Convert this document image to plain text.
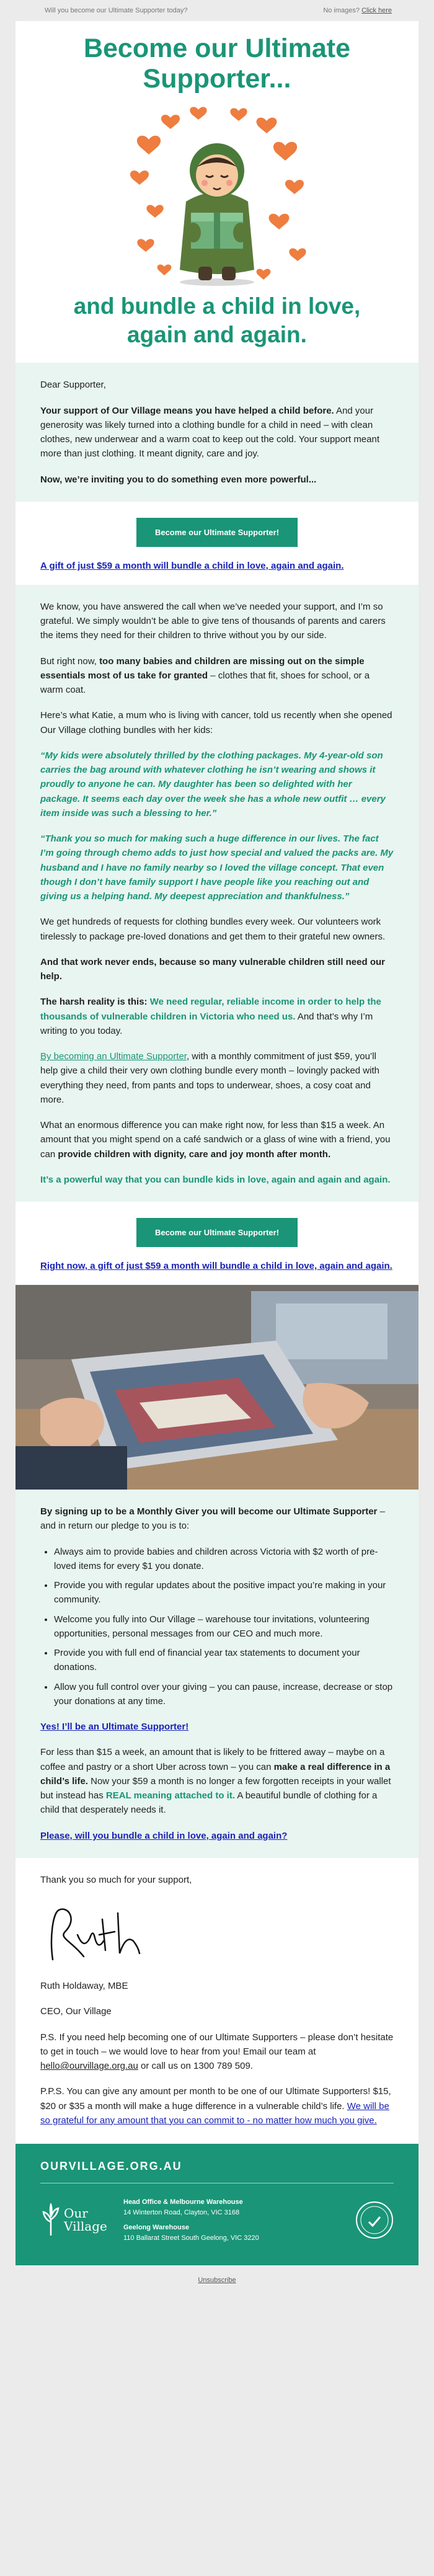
Will you become our Ultimate Supporter today?	No images? Click here
Become our Ultimate Supporter...
and bundle a child in love,
again and again.

Dear Supporter,

Your support of Our Village means you have helped a child before. And your generosity was likely turned into a clothing bundle for a child in need – with clean clothes, new underwear and a warm coat to keep out the cold. Your support meant more than just clothing. It meant dignity, care and joy.

Now, we’re inviting you to do something even more powerful...

Become our Ultimate Supporter!
A gift of just $59 a month will bundle a child in love, again and again.

We know, you have answered the call when we’ve needed your support, and I’m so grateful. We simply wouldn’t be able to give tens of thousands of parents and carers the items they need for their children to thrive without you by our side.

But right now, too many babies and children are missing out on the simple essentials most of us take for granted – clothes that fit, shoes for school, or a warm coat.

Here’s what Katie, a mum who is living with cancer, told us recently when she opened Our Village clothing bundles with her kids:

“My kids were absolutely thrilled by the clothing packages. My 4-year-old son carries the bag around with whatever clothing he isn’t wearing and shows it proudly to anyone he can. My daughter has been so delighted with her package. It seems each day over the week she has a whole new outfit … every item inside was such a blessing to her.”

“Thank you so much for making such a huge difference in our lives. The fact I’m going through chemo adds to just how special and valued the packs are. My husband and I have no family nearby so I loved the village concept. That even though I don’t have family support I have people like you reaching out and giving us a helping hand. My deepest appreciation and thankfulness.”

We get hundreds of requests for clothing bundles every week. Our volunteers work tirelessly to package pre-loved donations and get them to their grateful new owners.

And that work never ends, because so many vulnerable children still need our help.

The harsh reality is this: We need regular, reliable income in order to help the thousands of vulnerable children in Victoria who need us. And that’s why I’m writing to you today.

By becoming an Ultimate Supporter, with a monthly commitment of just $59, you’ll help give a child their very own clothing bundle every month – lovingly packed with everything they need, from pants and tops to underwear, shoes, a cosy coat and more.

What an enormous difference you can make right now, for less than $15 a week. An amount that you might spend on a café sandwich or a glass of wine with a friend, you can provide children with dignity, care and joy month after month.

It’s a powerful way that you can bundle kids in love, again and again and again.

Become our Ultimate Supporter!
Right now, a gift of just $59 a month will bundle a child in love, again and again.

By signing up to be a Monthly Giver you will become our Ultimate Supporter – and in return our pledge to you is to:

• Always aim to provide babies and children across Victoria with $2 worth of pre-loved items for every $1 you donate.
• Provide you with regular updates about the positive impact you’re making in your community.
• Welcome you fully into Our Village – warehouse tour invitations, volunteering opportunities, personal messages from our CEO and much more.
• Provide you with full end of financial year tax statements to document your donations.
• Allow you full control over your giving – you can pause, increase, decrease or stop your donations at any time.

Yes! I’ll be an Ultimate Supporter!

For less than $15 a week, an amount that is likely to be frittered away – maybe on a coffee and pastry or a short Uber across town – you can make a real difference in a child’s life. Now your $59 a month is no longer a few forgotten receipts in your wallet but instead has REAL meaning attached to it. A beautiful bundle of clothing for a child that desperately needs it.

Please, will you bundle a child in love, again and again?

Thank you so much for your support,

Ruth Holdaway, MBE

CEO, Our Village

P.S. If you need help becoming one of our Ultimate Supporters – please don’t hesitate to get in touch – we would love to hear from you! Email our team at hello@ourvillage.org.au or call us on 1300 789 509.

P.P.S. You can give any amount per month to be one of our Ultimate Supporters! $15, $20 or $35 a month will make a huge difference in a vulnerable child’s life. We will be so grateful for any amount that you can commit to - no matter how much you give.

OURVILLAGE.ORG.AU
Our
Village
Head Office & Melbourne Warehouse
14 Winterton Road, Clayton, VIC 3168
Geelong Warehouse
110 Ballarat Street South Geelong, VIC 3220
Unsubscribe
